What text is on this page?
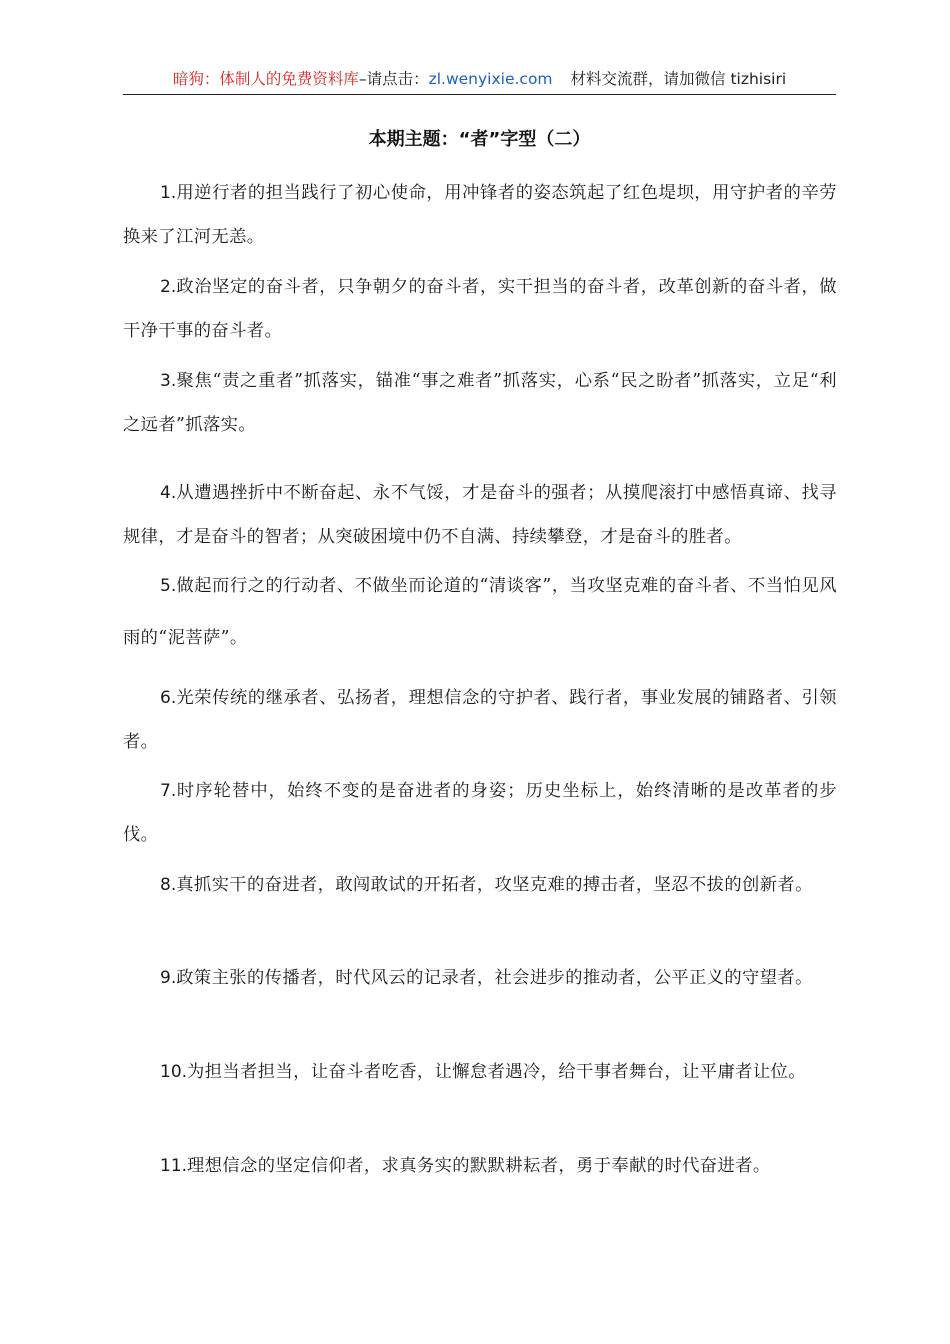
暗狗：体制人的免费资料库–请点击：zl.wenyixie.com 材料交流群，请加微信 tizhisiri
本期主题：“者”字型（二）

1.用逆行者的担当践行了初心使命，用冲锋者的姿态筑起了红色堤坝，用守护者的辛劳换来了江河无恙。

2.政治坚定的奋斗者，只争朝夕的奋斗者，实干担当的奋斗者，改革创新的奋斗者，做干净干事的奋斗者。

3.聚焦“责之重者”抓落实，锚准“事之难者”抓落实，心系“民之盼者”抓落实，立足“利之远者”抓落实。

4.从遭遇挫折中不断奋起、永不气馁，才是奋斗的强者；从摸爬滚打中感悟真谛、找寻规律，才是奋斗的智者；从突破困境中仍不自满、持续攀登，才是奋斗的胜者。

5.做起而行之的行动者、不做坐而论道的“清谈客”，当攻坚克难的奋斗者、不当怕见风雨的“泥菩萨”。

6.光荣传统的继承者、弘扬者，理想信念的守护者、践行者，事业发展的铺路者、引领者。

7.时序轮替中，始终不变的是奋进者的身姿；历史坐标上，始终清晰的是改革者的步伐。

8.真抓实干的奋进者，敢闯敢试的开拓者，攻坚克难的搏击者，坚忍不拔的创新者。

9.政策主张的传播者，时代风云的记录者，社会进步的推动者，公平正义的守望者。

10.为担当者担当，让奋斗者吃香，让懈怠者遇冷，给干事者舞台，让平庸者让位。

11.理想信念的坚定信仰者，求真务实的默默耕耘者，勇于奉献的时代奋进者。
